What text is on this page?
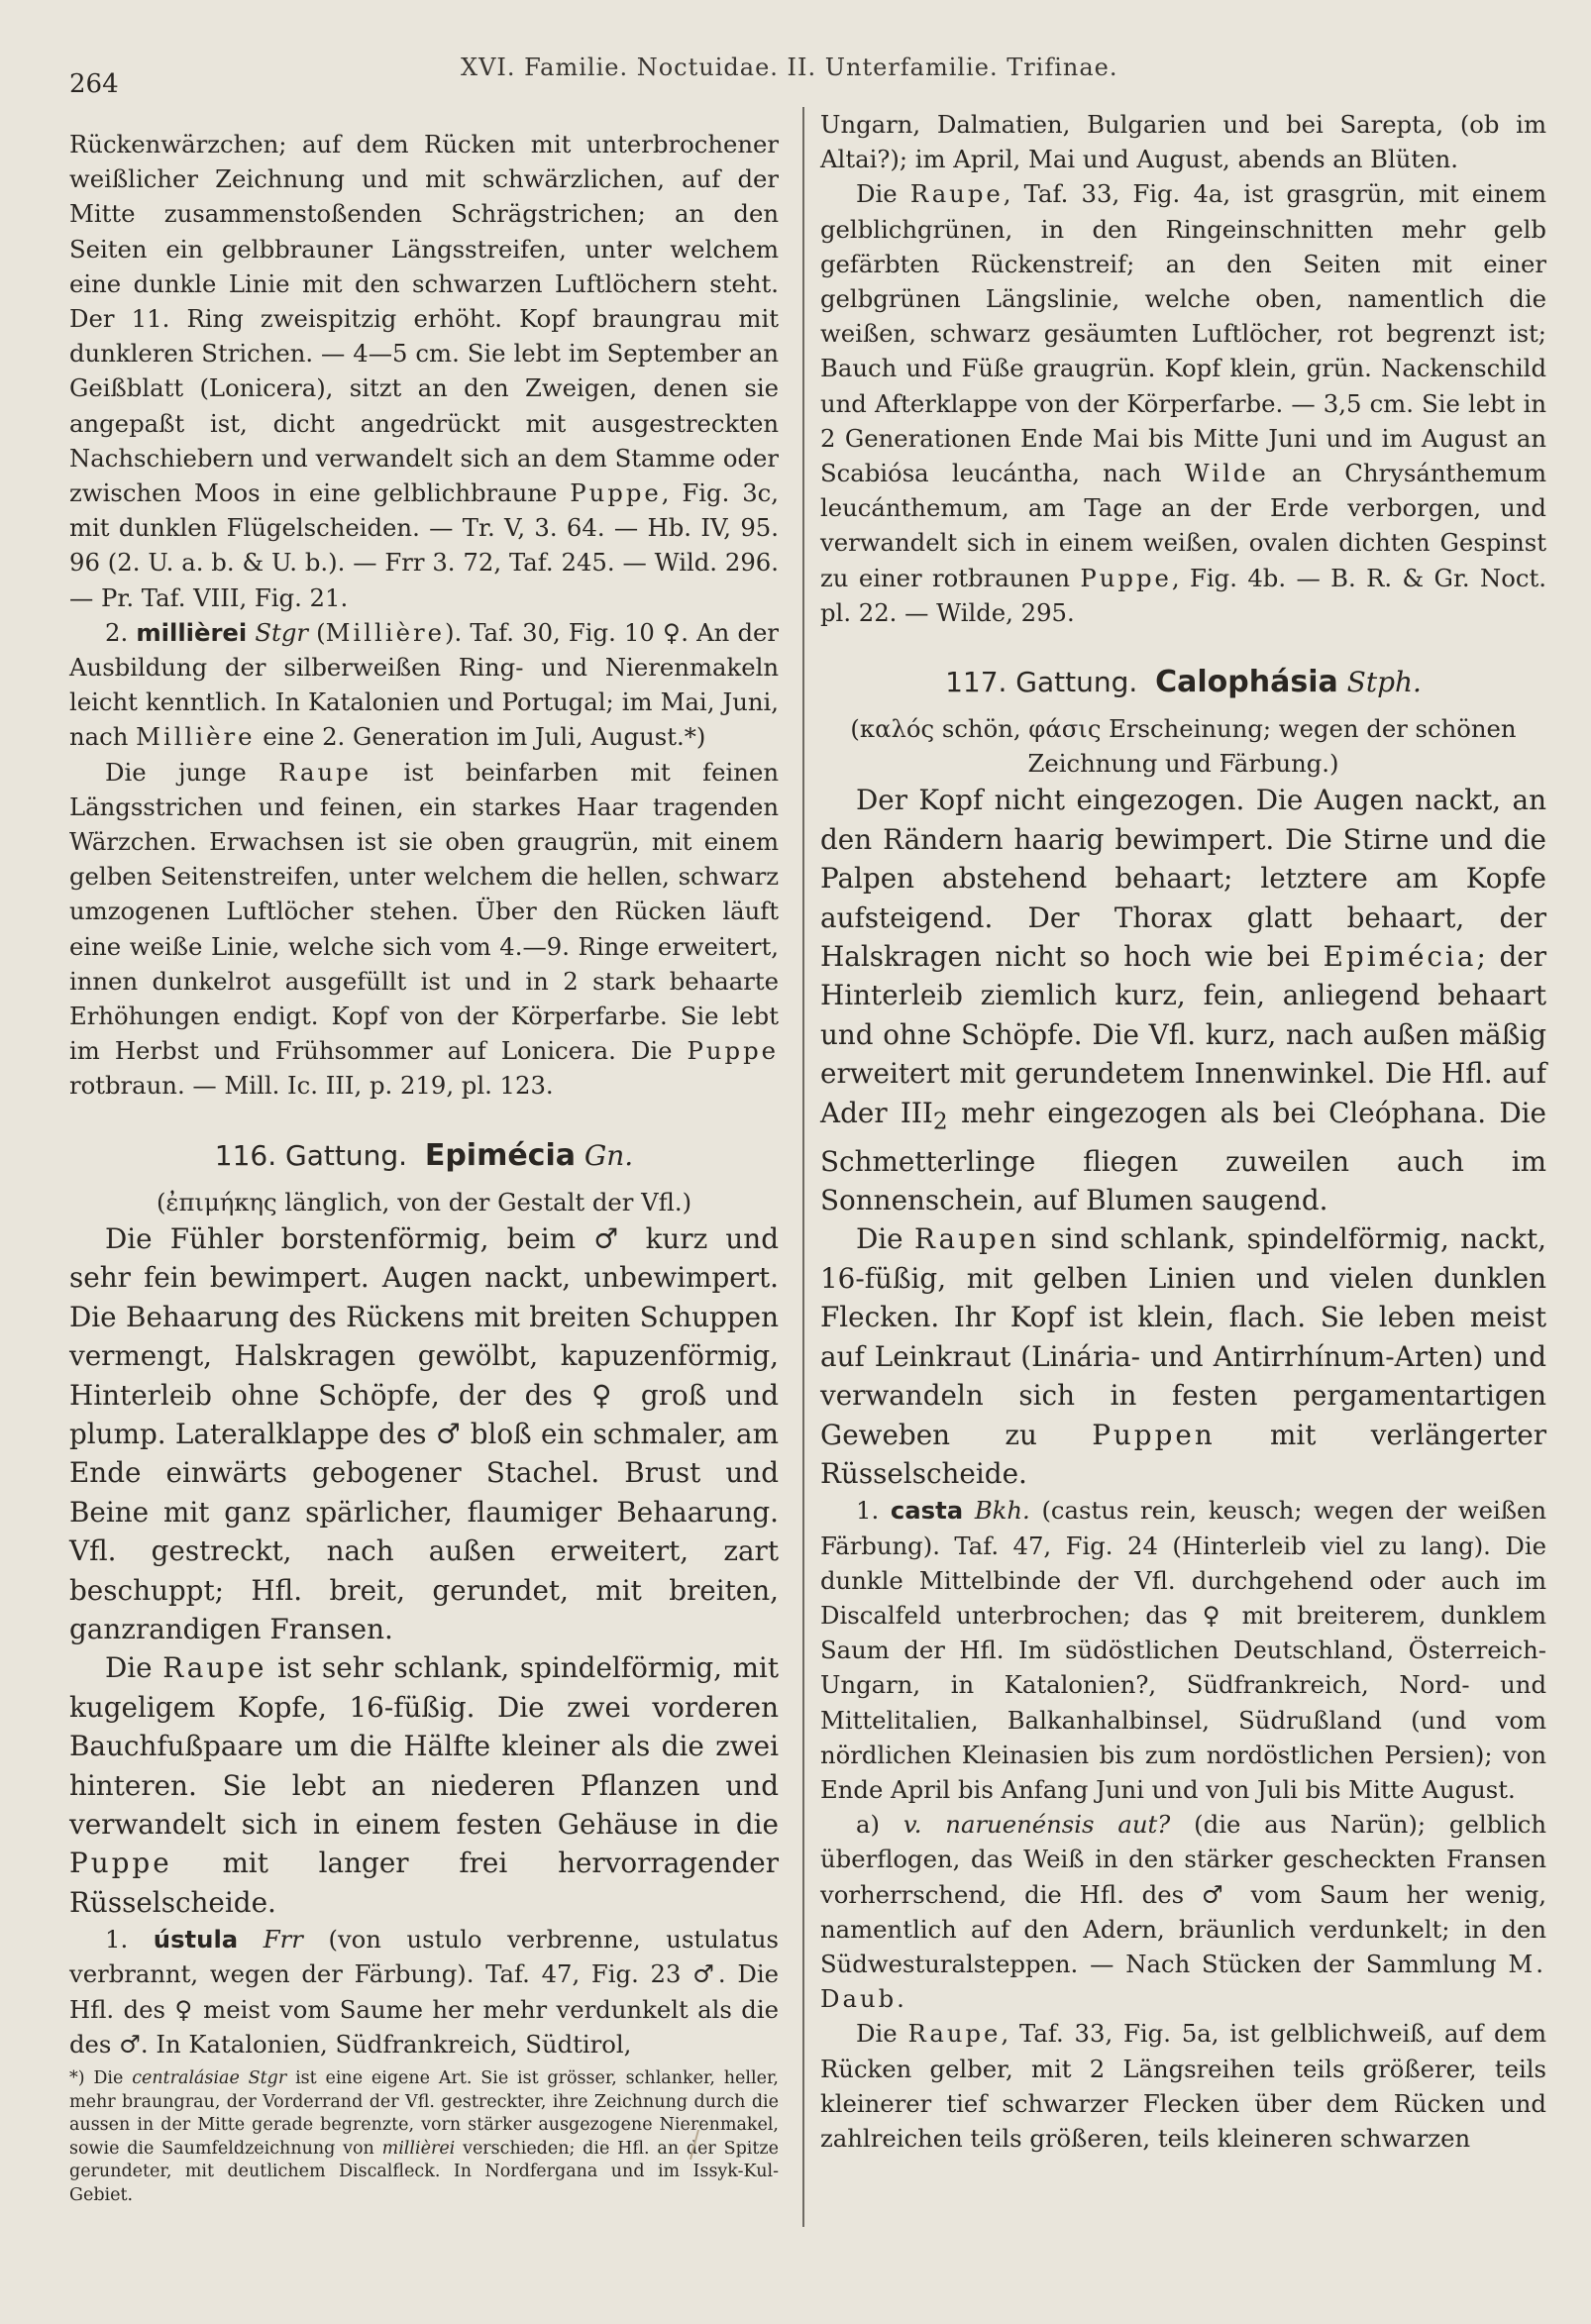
264
XVI. Familie. Noctuidae. II. Unterfamilie. Trifinae.

Rückenwärzchen; auf dem Rücken mit unterbrochener weißlicher Zeichnung und mit schwärzlichen, auf der Mitte zusammenstoßenden Schrägstrichen; an den Seiten ein gelbbrauner Längsstreifen, unter welchem eine dunkle Linie mit den schwarzen Luftlöchern steht. Der 11. Ring zweispitzig erhöht. Kopf braungrau mit dunkleren Strichen. — 4—5 cm. Sie lebt im September an Geißblatt (Lonicera), sitzt an den Zweigen, denen sie angepaßt ist, dicht angedrückt mit ausgestreckten Nachschiebern und verwandelt sich an dem Stamme oder zwischen Moos in eine gelblichbraune Puppe, Fig. 3c, mit dunklen Flügelscheiden. — Tr. V, 3. 64. — Hb. IV, 95. 96 (2. U. a. b. & U. b.). — Frr 3. 72, Taf. 245. — Wild. 296. — Pr. Taf. VIII, Fig. 21.

2. millièrei Stgr (Millière). Taf. 30, Fig. 10 ♀. An der Ausbildung der silberweißen Ring- und Nierenmakeln leicht kenntlich. In Katalonien und Portugal; im Mai, Juni, nach Millière eine 2. Generation im Juli, August.*)

Die junge Raupe ist beinfarben mit feinen Längsstrichen und feinen, ein starkes Haar tragenden Wärzchen. Erwachsen ist sie oben graugrün, mit einem gelben Seitenstreifen, unter welchem die hellen, schwarz umzogenen Luftlöcher stehen. Über den Rücken läuft eine weiße Linie, welche sich vom 4.—9. Ringe erweitert, innen dunkelrot ausgefüllt ist und in 2 stark behaarte Erhöhungen endigt. Kopf von der Körperfarbe. Sie lebt im Herbst und Frühsommer auf Lonicera. Die Puppe rotbraun. — Mill. Ic. III, p. 219, pl. 123.

116. Gattung. Epimécia Gn.

(ἐπιμήκης länglich, von der Gestalt der Vfl.)

Die Fühler borstenförmig, beim ♂ kurz und sehr fein bewimpert. Augen nackt, unbewimpert. Die Behaarung des Rückens mit breiten Schuppen vermengt, Halskragen gewölbt, kapuzenförmig, Hinterleib ohne Schöpfe, der des ♀ groß und plump. Lateralklappe des ♂ bloß ein schmaler, am Ende einwärts gebogener Stachel. Brust und Beine mit ganz spärlicher, flaumiger Behaarung. Vfl. gestreckt, nach außen erweitert, zart beschuppt; Hfl. breit, gerundet, mit breiten, ganzrandigen Fransen.

Die Raupe ist sehr schlank, spindelförmig, mit kugeligem Kopfe, 16-füßig. Die zwei vorderen Bauchfußpaare um die Hälfte kleiner als die zwei hinteren. Sie lebt an niederen Pflanzen und verwandelt sich in einem festen Gehäuse in die Puppe mit langer frei hervorragender Rüsselscheide.

1. ústula Frr (von ustulo verbrenne, ustulatus verbrannt, wegen der Färbung). Taf. 47, Fig. 23 ♂. Die Hfl. des ♀ meist vom Saume her mehr verdunkelt als die des ♂. In Katalonien, Südfrankreich, Südtirol,

*) Die centralásiae Stgr ist eine eigene Art. Sie ist grösser, schlanker, heller, mehr braungrau, der Vorderrand der Vfl. gestreckter, ihre Zeichnung durch die aussen in der Mitte gerade begrenzte, vorn stärker ausgezogene Nierenmakel, sowie die Saumfeldzeichnung von millièrei verschieden; die Hfl. an der Spitze gerundeter, mit deutlichem Discalfleck. In Nordfergana und im Issyk-Kul-Gebiet.

Ungarn, Dalmatien, Bulgarien und bei Sarepta, (ob im Altai?); im April, Mai und August, abends an Blüten.

Die Raupe, Taf. 33, Fig. 4a, ist grasgrün, mit einem gelblichgrünen, in den Ringeinschnitten mehr gelb gefärbten Rückenstreif; an den Seiten mit einer gelbgrünen Längslinie, welche oben, namentlich die weißen, schwarz gesäumten Luftlöcher, rot begrenzt ist; Bauch und Füße graugrün. Kopf klein, grün. Nackenschild und Afterklappe von der Körperfarbe. — 3,5 cm. Sie lebt in 2 Generationen Ende Mai bis Mitte Juni und im August an Scabiósa leucántha, nach Wilde an Chrysánthemum leucánthemum, am Tage an der Erde verborgen, und verwandelt sich in einem weißen, ovalen dichten Gespinst zu einer rotbraunen Puppe, Fig. 4b. — B. R. & Gr. Noct. pl. 22. — Wilde, 295.

117. Gattung. Calophásia Stph.

(καλός schön, φάσις Erscheinung; wegen der schönen Zeichnung und Färbung.)

Der Kopf nicht eingezogen. Die Augen nackt, an den Rändern haarig bewimpert. Die Stirne und die Palpen abstehend behaart; letztere am Kopfe aufsteigend. Der Thorax glatt behaart, der Halskragen nicht so hoch wie bei Epimécia; der Hinterleib ziemlich kurz, fein, anliegend behaart und ohne Schöpfe. Die Vfl. kurz, nach außen mäßig erweitert mit gerundetem Innenwinkel. Die Hfl. auf Ader $III_2$ mehr eingezogen als bei Cleóphana. Die Schmetterlinge fliegen zuweilen auch im Sonnenschein, auf Blumen saugend.

Die Raupen sind schlank, spindelförmig, nackt, 16-füßig, mit gelben Linien und vielen dunklen Flecken. Ihr Kopf ist klein, flach. Sie leben meist auf Leinkraut (Linária- und Antirrhínum-Arten) und verwandeln sich in festen pergamentartigen Geweben zu Puppen mit verlängerter Rüsselscheide.

1. casta Bkh. (castus rein, keusch; wegen der weißen Färbung). Taf. 47, Fig. 24 (Hinterleib viel zu lang). Die dunkle Mittelbinde der Vfl. durchgehend oder auch im Discalfeld unterbrochen; das ♀ mit breiterem, dunklem Saum der Hfl. Im südöstlichen Deutschland, Österreich-Ungarn, in Katalonien?, Südfrankreich, Nord- und Mittelitalien, Balkanhalbinsel, Südrußland (und vom nördlichen Kleinasien bis zum nordöstlichen Persien); von Ende April bis Anfang Juni und von Juli bis Mitte August.

a) v. naruenénsis aut? (die aus Narün); gelblich überflogen, das Weiß in den stärker gescheckten Fransen vorherrschend, die Hfl. des ♂ vom Saum her wenig, namentlich auf den Adern, bräunlich verdunkelt; in den Südwesturalsteppen. — Nach Stücken der Sammlung M. Daub.

Die Raupe, Taf. 33, Fig. 5a, ist gelblichweiß, auf dem Rücken gelber, mit 2 Längsreihen teils größerer, teils kleinerer tief schwarzer Flecken über dem Rücken und zahlreichen teils größeren, teils kleineren schwarzen
